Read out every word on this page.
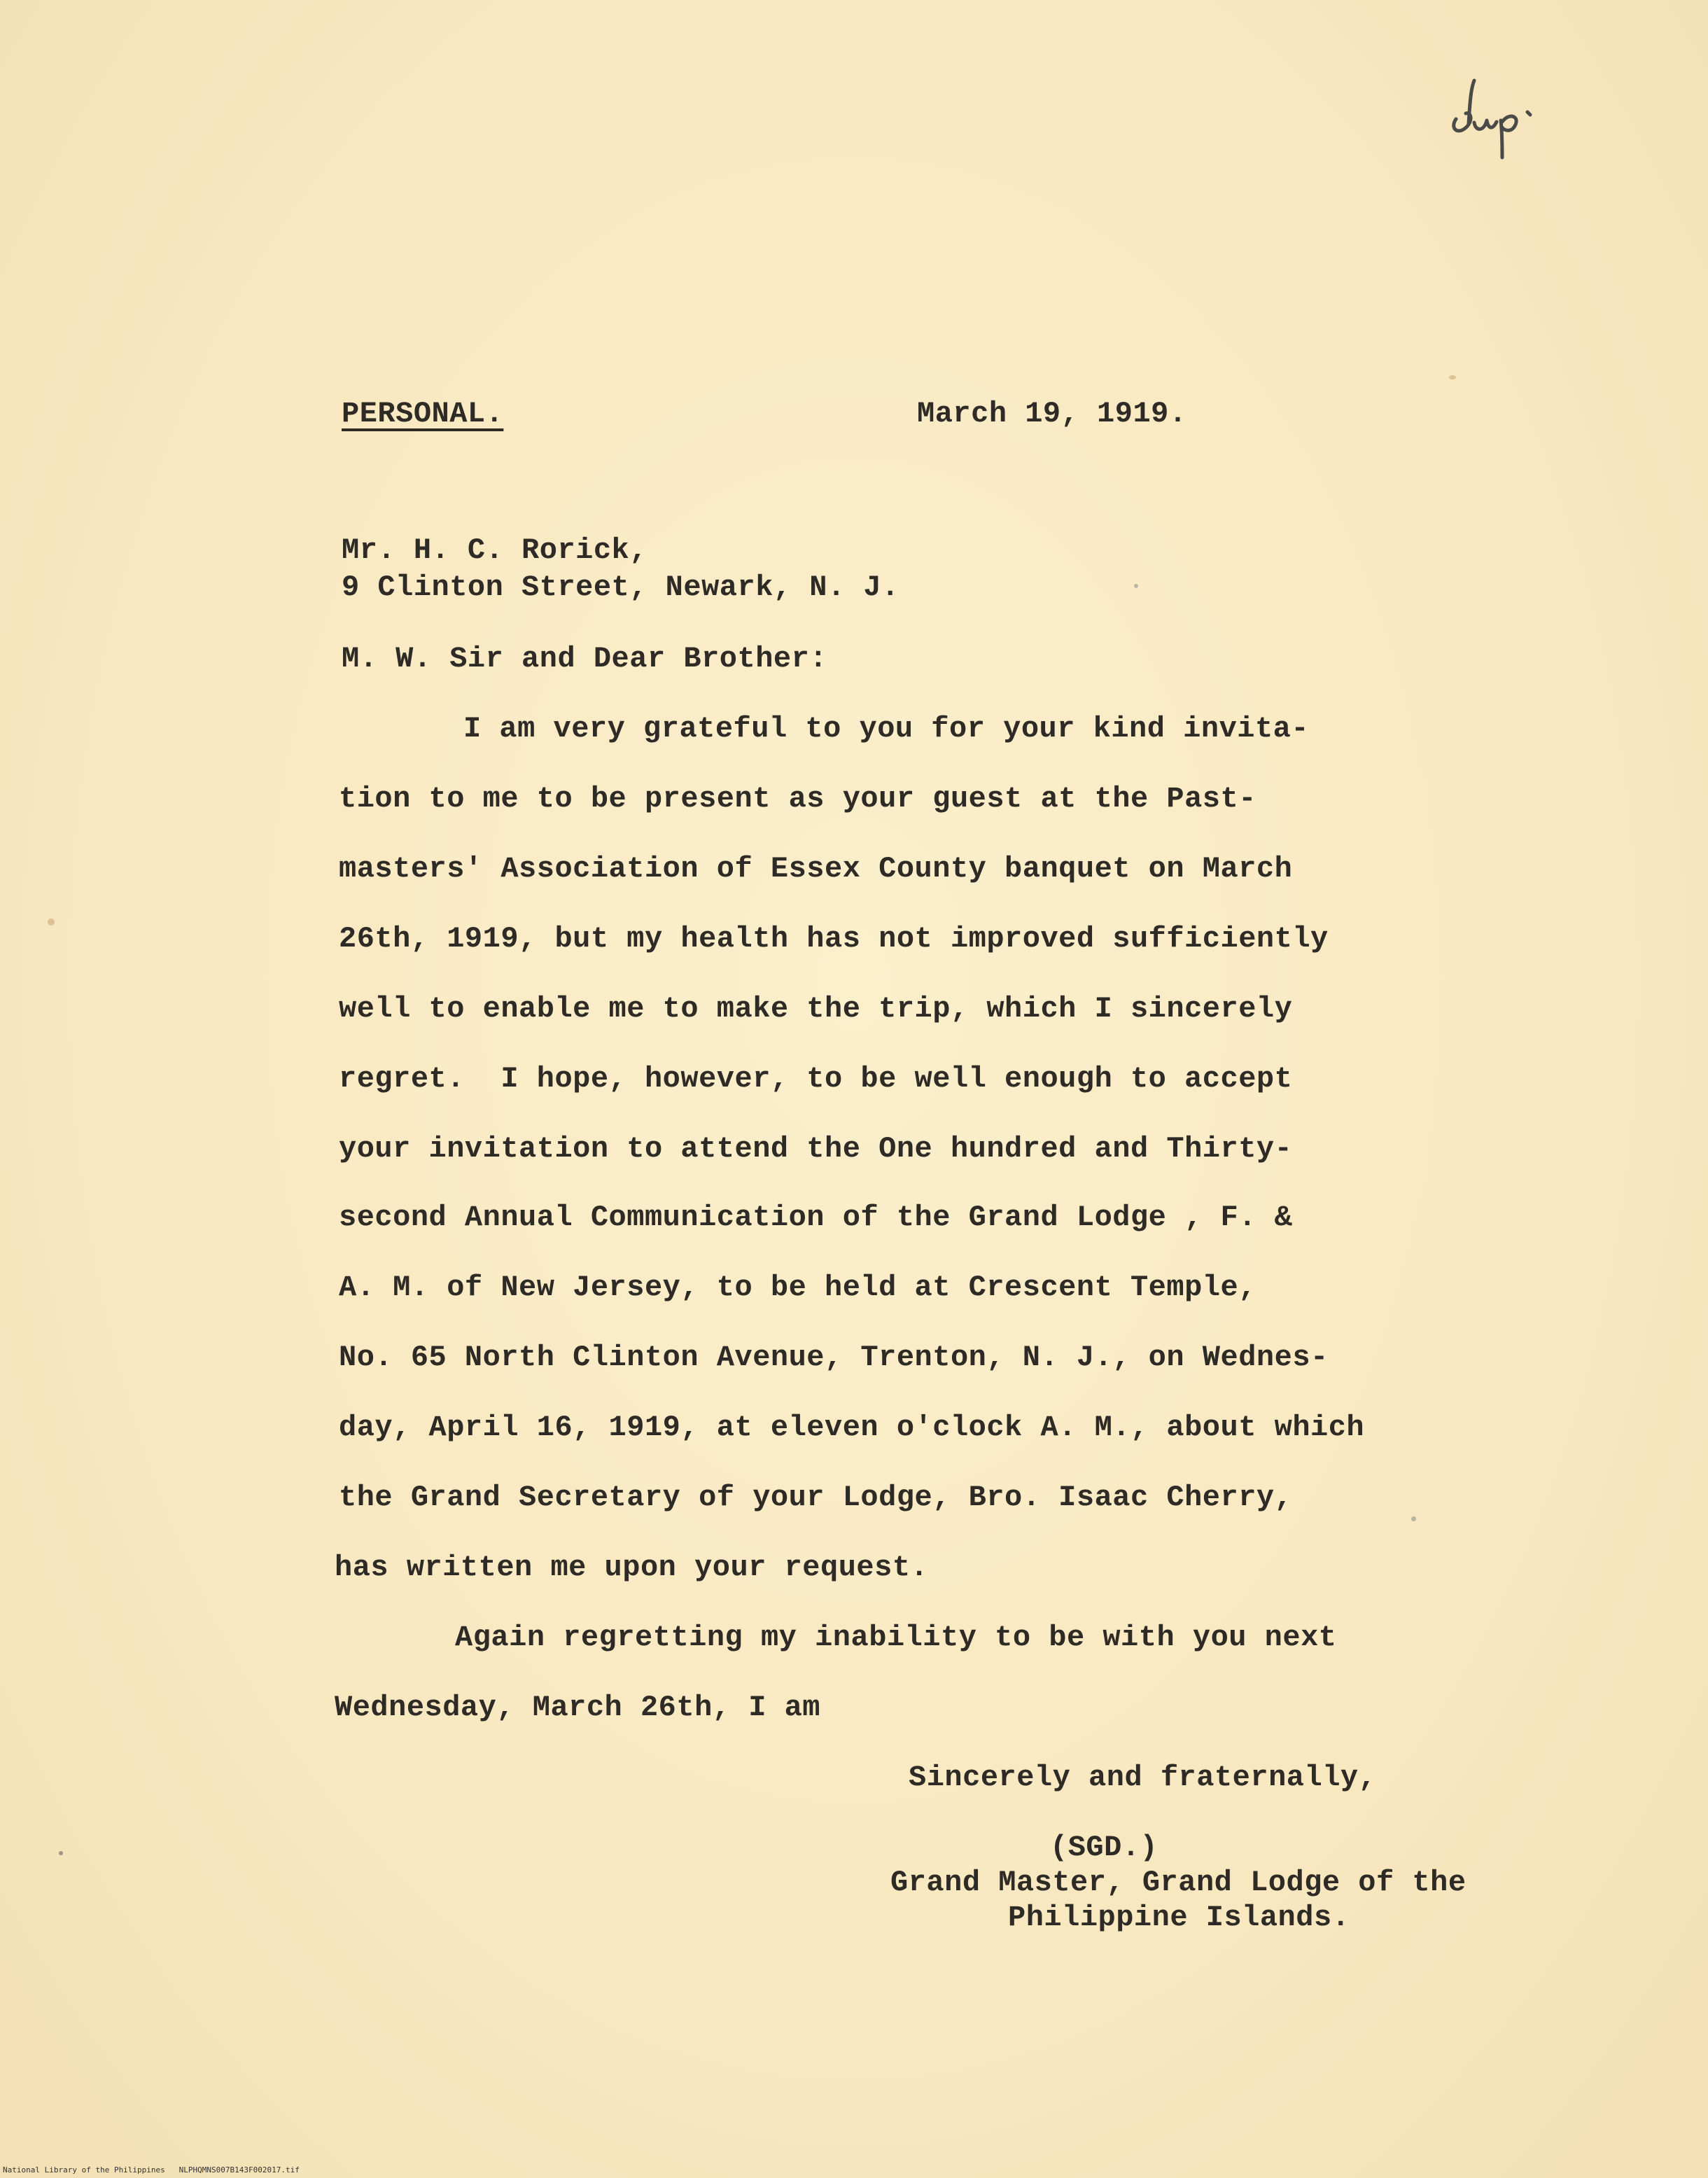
PERSONAL.	March 19, 1919.
Mr. H. C. Rorick,
9 Clinton Street, Newark, N. J.
M. W. Sir and Dear Brother:
I am very grateful to you for your kind invita-
tion to me to be present as your guest at the Past-
masters' Association of Essex County banquet on March
26th, 1919, but my health has not improved sufficiently
well to enable me to make the trip, which I sincerely
regret.  I hope, however, to be well enough to accept
your invitation to attend the One hundred and Thirty-
second Annual Communication of the Grand Lodge , F. &
A. M. of New Jersey, to be held at Crescent Temple,
No. 65 North Clinton Avenue, Trenton, N. J., on Wednes-
day, April 16, 1919, at eleven o'clock A. M., about which
the Grand Secretary of your Lodge, Bro. Isaac Cherry,
has written me upon your request.
Again regretting my inability to be with you next
Wednesday, March 26th, I am
Sincerely and fraternally,
(SGD.)
Grand Master, Grand Lodge of the
Philippine Islands.
National Library of the Philippines NLPHQMNS007B143F002017.tif
